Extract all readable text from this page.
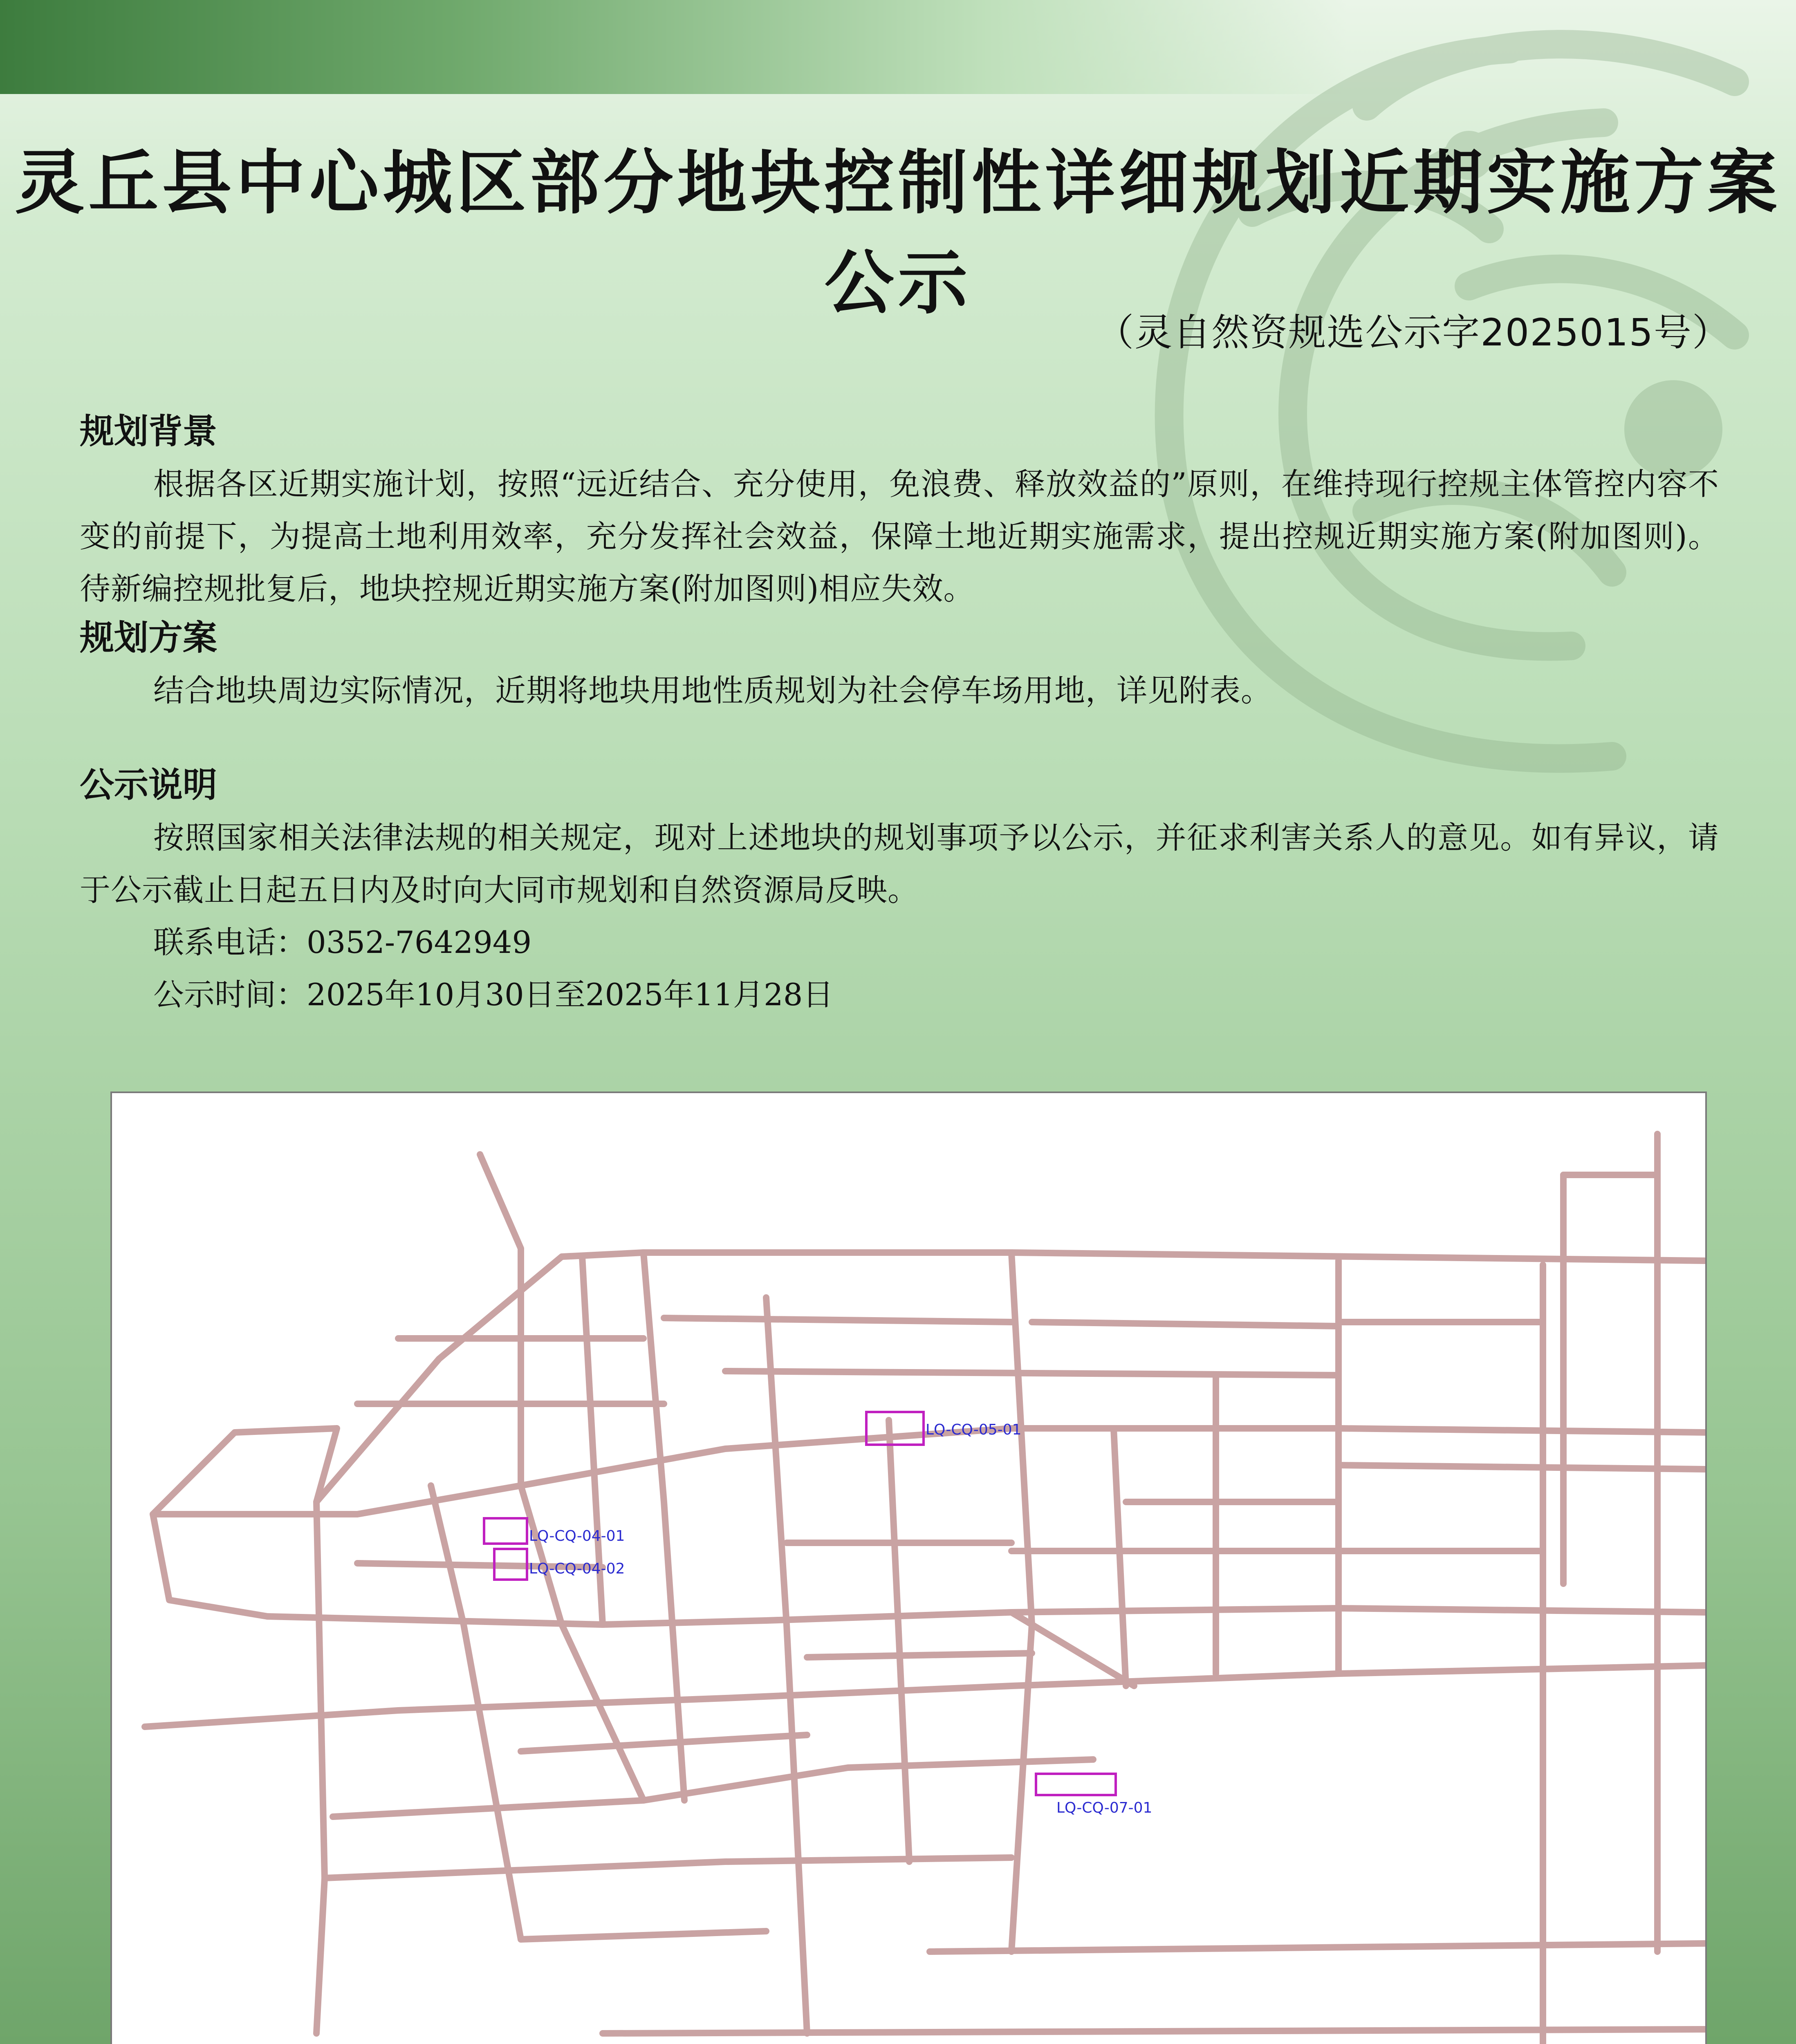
灵丘县中心城区部分地块控制性详细规划近期实施方案公示
（灵自然资规选公示字2025015号）

规划背景

根据各区近期实施计划，按照“远近结合、充分使用，免浪费、释放效益的”原则，在维持现行控规主体管控内容不变的前提下，为提高土地利用效率，充分发挥社会效益，保障土地近期实施需求，提出控规近期实施方案(附加图则)。待新编控规批复后，地块控规近期实施方案(附加图则)相应失效。

规划方案

结合地块周边实际情况，近期将地块用地性质规划为社会停车场用地，详见附表。

公示说明

按照国家相关法律法规的相关规定，现对上述地块的规划事项予以公示，并征求利害关系人的意见。如有异议，请于公示截止日起五日内及时向大同市规划和自然资源局反映。

联系电话：0352-7642949

公示时间：2025年10月30日至2025年11月28日

LQ-CQ-05-01
LQ-CQ-04-01
LQ-CQ-04-02
LQ-CQ-07-01
